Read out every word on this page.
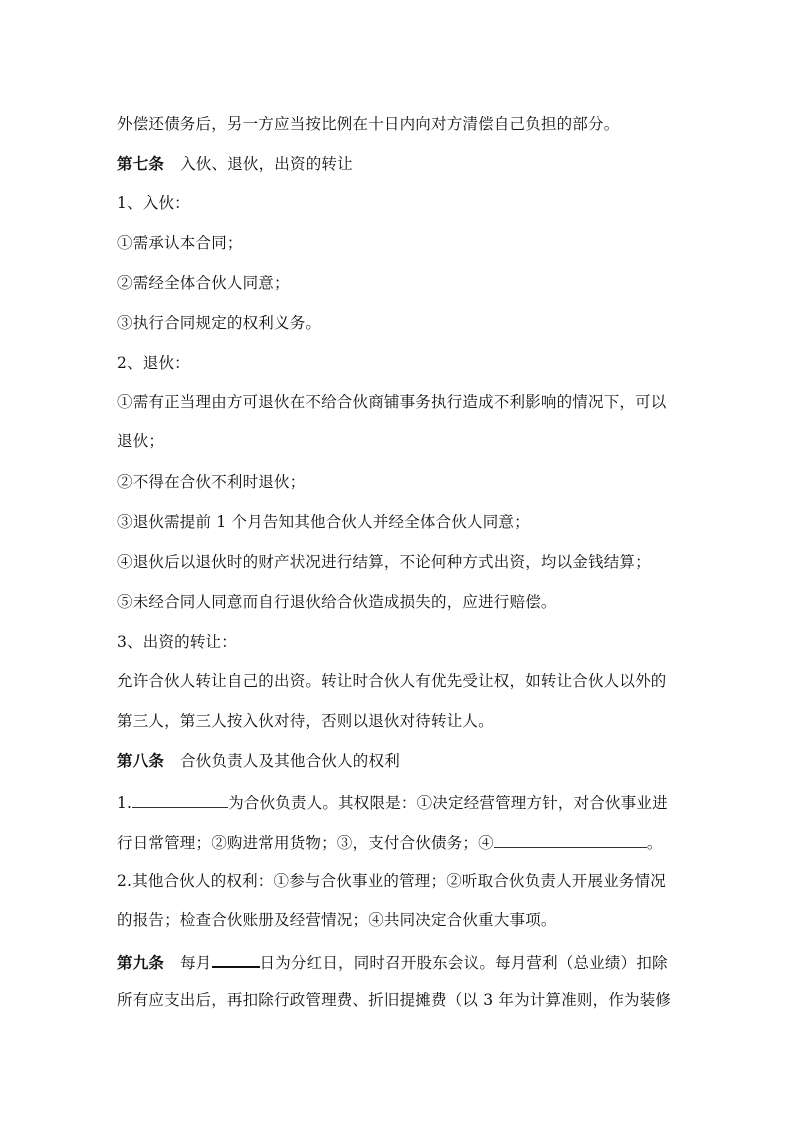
外偿还债务后，另一方应当按比例在十日内向对方清偿自己负担的部分。
第七条 入伙、退伙，出资的转让
1、入伙：
①需承认本合同；
②需经全体合伙人同意；
③执行合同规定的权利义务。
2、退伙：
①需有正当理由方可退伙在不给合伙商铺事务执行造成不利影响的情况下，可以
退伙；
②不得在合伙不利时退伙；
③退伙需提前 1 个月告知其他合伙人并经全体合伙人同意；
④退伙后以退伙时的财产状况进行结算，不论何种方式出资，均以金钱结算；
⑤未经合同人同意而自行退伙给合伙造成损失的，应进行赔偿。
3、出资的转让：
允许合伙人转让自己的出资。转让时合伙人有优先受让权，如转让合伙人以外的
第三人，第三人按入伙对待，否则以退伙对待转让人。
第八条 合伙负责人及其他合伙人的权利
1.	为合伙负责人。其权限是：①决定经营管理方针，对合伙事业进
行日常管理；②购进常用货物；③，支付合伙债务；④	。
2.其他合伙人的权利：①参与合伙事业的管理；②听取合伙负责人开展业务情况
的报告；检查合伙账册及经营情况；④共同决定合伙重大事项。
第九条 每月	日为分红日，同时召开股东会议。每月营利（总业绩）扣除
所有应支出后，再扣除行政管理费、折旧提摊费（以 3 年为计算准则，作为装修
